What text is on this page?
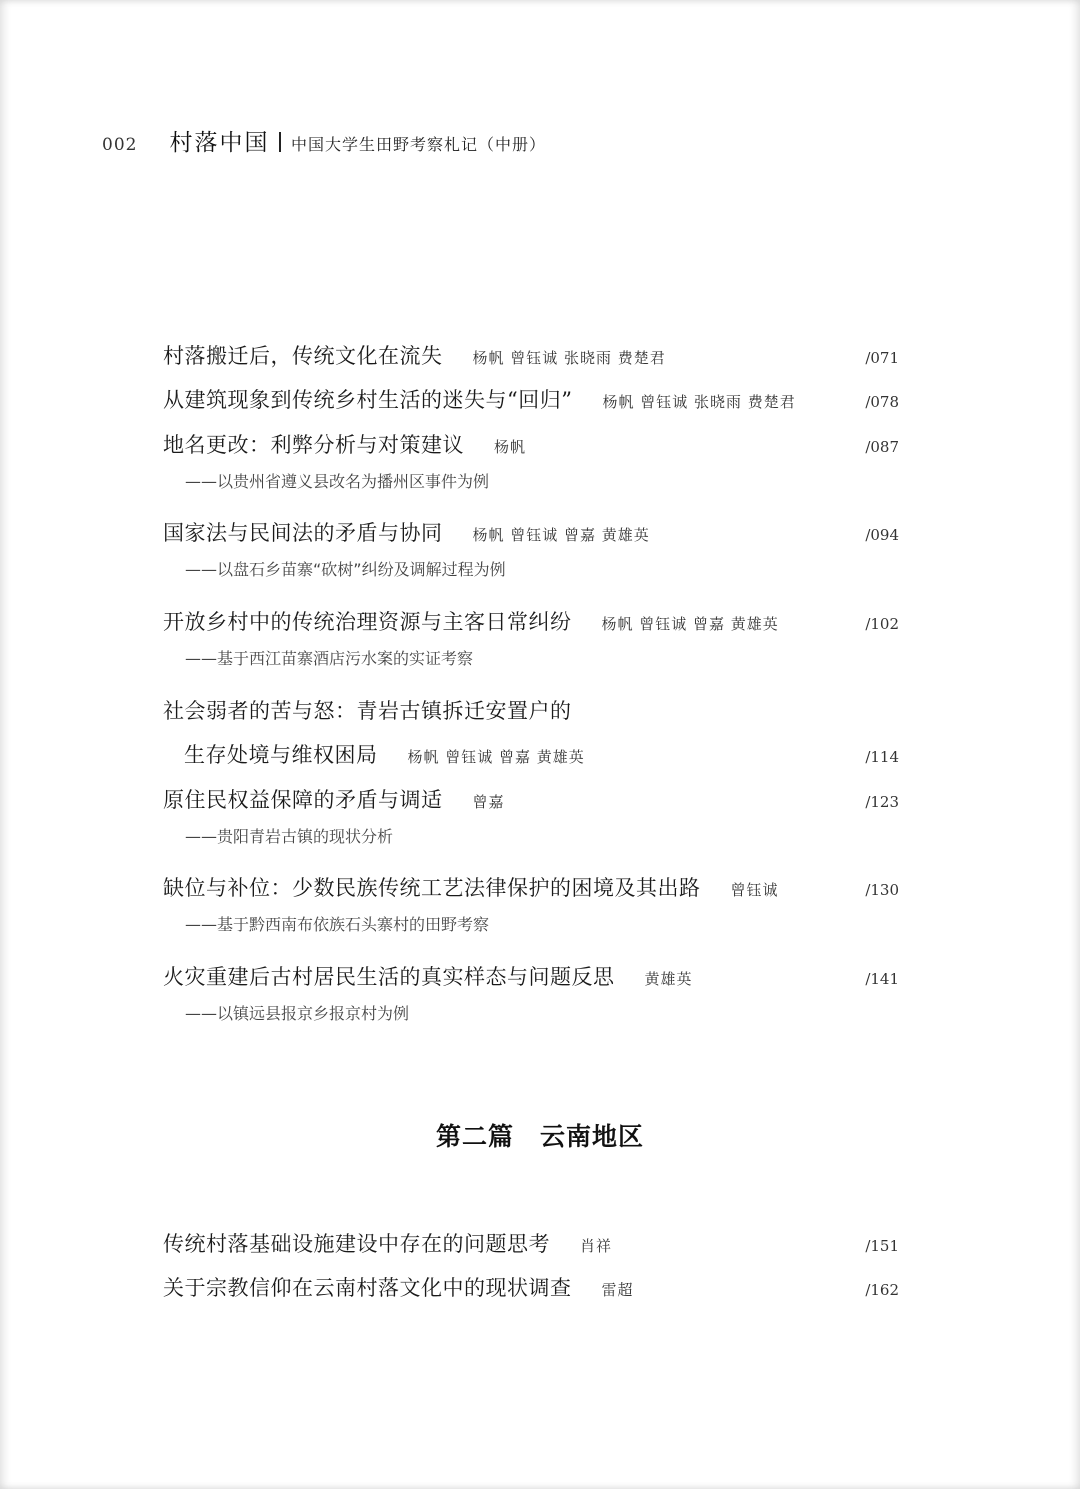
002 村落中国 中国大学生田野考察札记（中册）
村落搬迁后，传统文化在流失 杨帆 曾钰诚 张晓雨 费楚君	/071
从建筑现象到传统乡村生活的迷失与“回归” 杨帆 曾钰诚 张晓雨 费楚君	/078
地名更改：利弊分析与对策建议 杨帆	/087
——以贵州省遵义县改名为播州区事件为例
国家法与民间法的矛盾与协同 杨帆 曾钰诚 曾嘉 黄雄英	/094
——以盘石乡苗寨“砍树”纠纷及调解过程为例
开放乡村中的传统治理资源与主客日常纠纷 杨帆 曾钰诚 曾嘉 黄雄英	/102
——基于西江苗寨酒店污水案的实证考察
社会弱者的苦与怒：青岩古镇拆迁安置户的
生存处境与维权困局 杨帆 曾钰诚 曾嘉 黄雄英	/114
原住民权益保障的矛盾与调适 曾嘉	/123
——贵阳青岩古镇的现状分析
缺位与补位：少数民族传统工艺法律保护的困境及其出路 曾钰诚	/130
——基于黔西南布依族石头寨村的田野考察
火灾重建后古村居民生活的真实样态与问题反思 黄雄英	/141
——以镇远县报京乡报京村为例
第二篇 云南地区
传统村落基础设施建设中存在的问题思考 肖祥	/151
关于宗教信仰在云南村落文化中的现状调查 雷超	/162
